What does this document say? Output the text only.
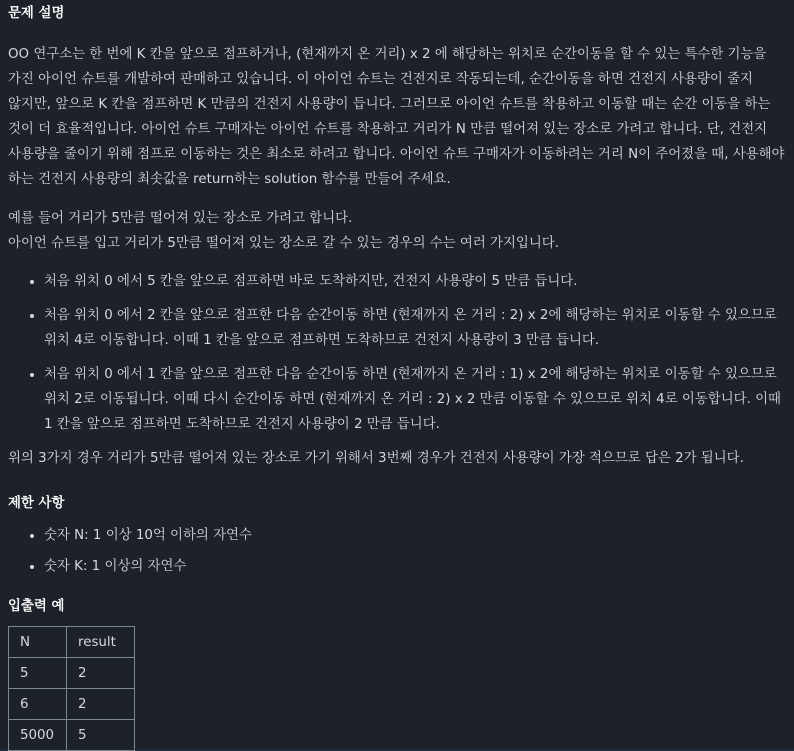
문제 설명

OO 연구소는 한 번에 K 칸을 앞으로 점프하거나, (현재까지 온 거리) x 2 에 해당하는 위치로 순간이동을 할 수 있는 특수한 기능을 가진 아이언 슈트를 개발하여 판매하고 있습니다. 이 아이언 슈트는 건전지로 작동되는데, 순간이동을 하면 건전지 사용량이 줄지 않지만, 앞으로 K 칸을 점프하면 K 만큼의 건전지 사용량이 듭니다. 그러므로 아이언 슈트를 착용하고 이동할 때는 순간 이동을 하는 것이 더 효율적입니다. 아이언 슈트 구매자는 아이언 슈트를 착용하고 거리가 N 만큼 떨어져 있는 장소로 가려고 합니다. 단, 건전지 사용량을 줄이기 위해 점프로 이동하는 것은 최소로 하려고 합니다. 아이언 슈트 구매자가 이동하려는 거리 N이 주어졌을 때, 사용해야 하는 건전지 사용량의 최솟값을 return하는 solution 함수를 만들어 주세요.

예를 들어 거리가 5만큼 떨어져 있는 장소로 가려고 합니다.

아이언 슈트를 입고 거리가 5만큼 떨어져 있는 장소로 갈 수 있는 경우의 수는 여러 가지입니다.

• 처음 위치 0 에서 5 칸을 앞으로 점프하면 바로 도착하지만, 건전지 사용량이 5 만큼 듭니다.
• 처음 위치 0 에서 2 칸을 앞으로 점프한 다음 순간이동 하면 (현재까지 온 거리 : 2) x 2에 해당하는 위치로 이동할 수 있으므로 위치 4로 이동합니다. 이때 1 칸을 앞으로 점프하면 도착하므로 건전지 사용량이 3 만큼 듭니다.
• 처음 위치 0 에서 1 칸을 앞으로 점프한 다음 순간이동 하면 (현재까지 온 거리 : 1) x 2에 해당하는 위치로 이동할 수 있으므로 위치 2로 이동됩니다. 이때 다시 순간이동 하면 (현재까지 온 거리 : 2) x 2 만큼 이동할 수 있으므로 위치 4로 이동합니다. 이때 1 칸을 앞으로 점프하면 도착하므로 건전지 사용량이 2 만큼 듭니다.

위의 3가지 경우 거리가 5만큼 떨어져 있는 장소로 가기 위해서 3번째 경우가 건전지 사용량이 가장 적으므로 답은 2가 됩니다.

제한 사항
• 숫자 N: 1 이상 10억 이하의 자연수
• 숫자 K: 1 이상의 자연수
입출력 예
N	result
5	2
6	2
5000	5
